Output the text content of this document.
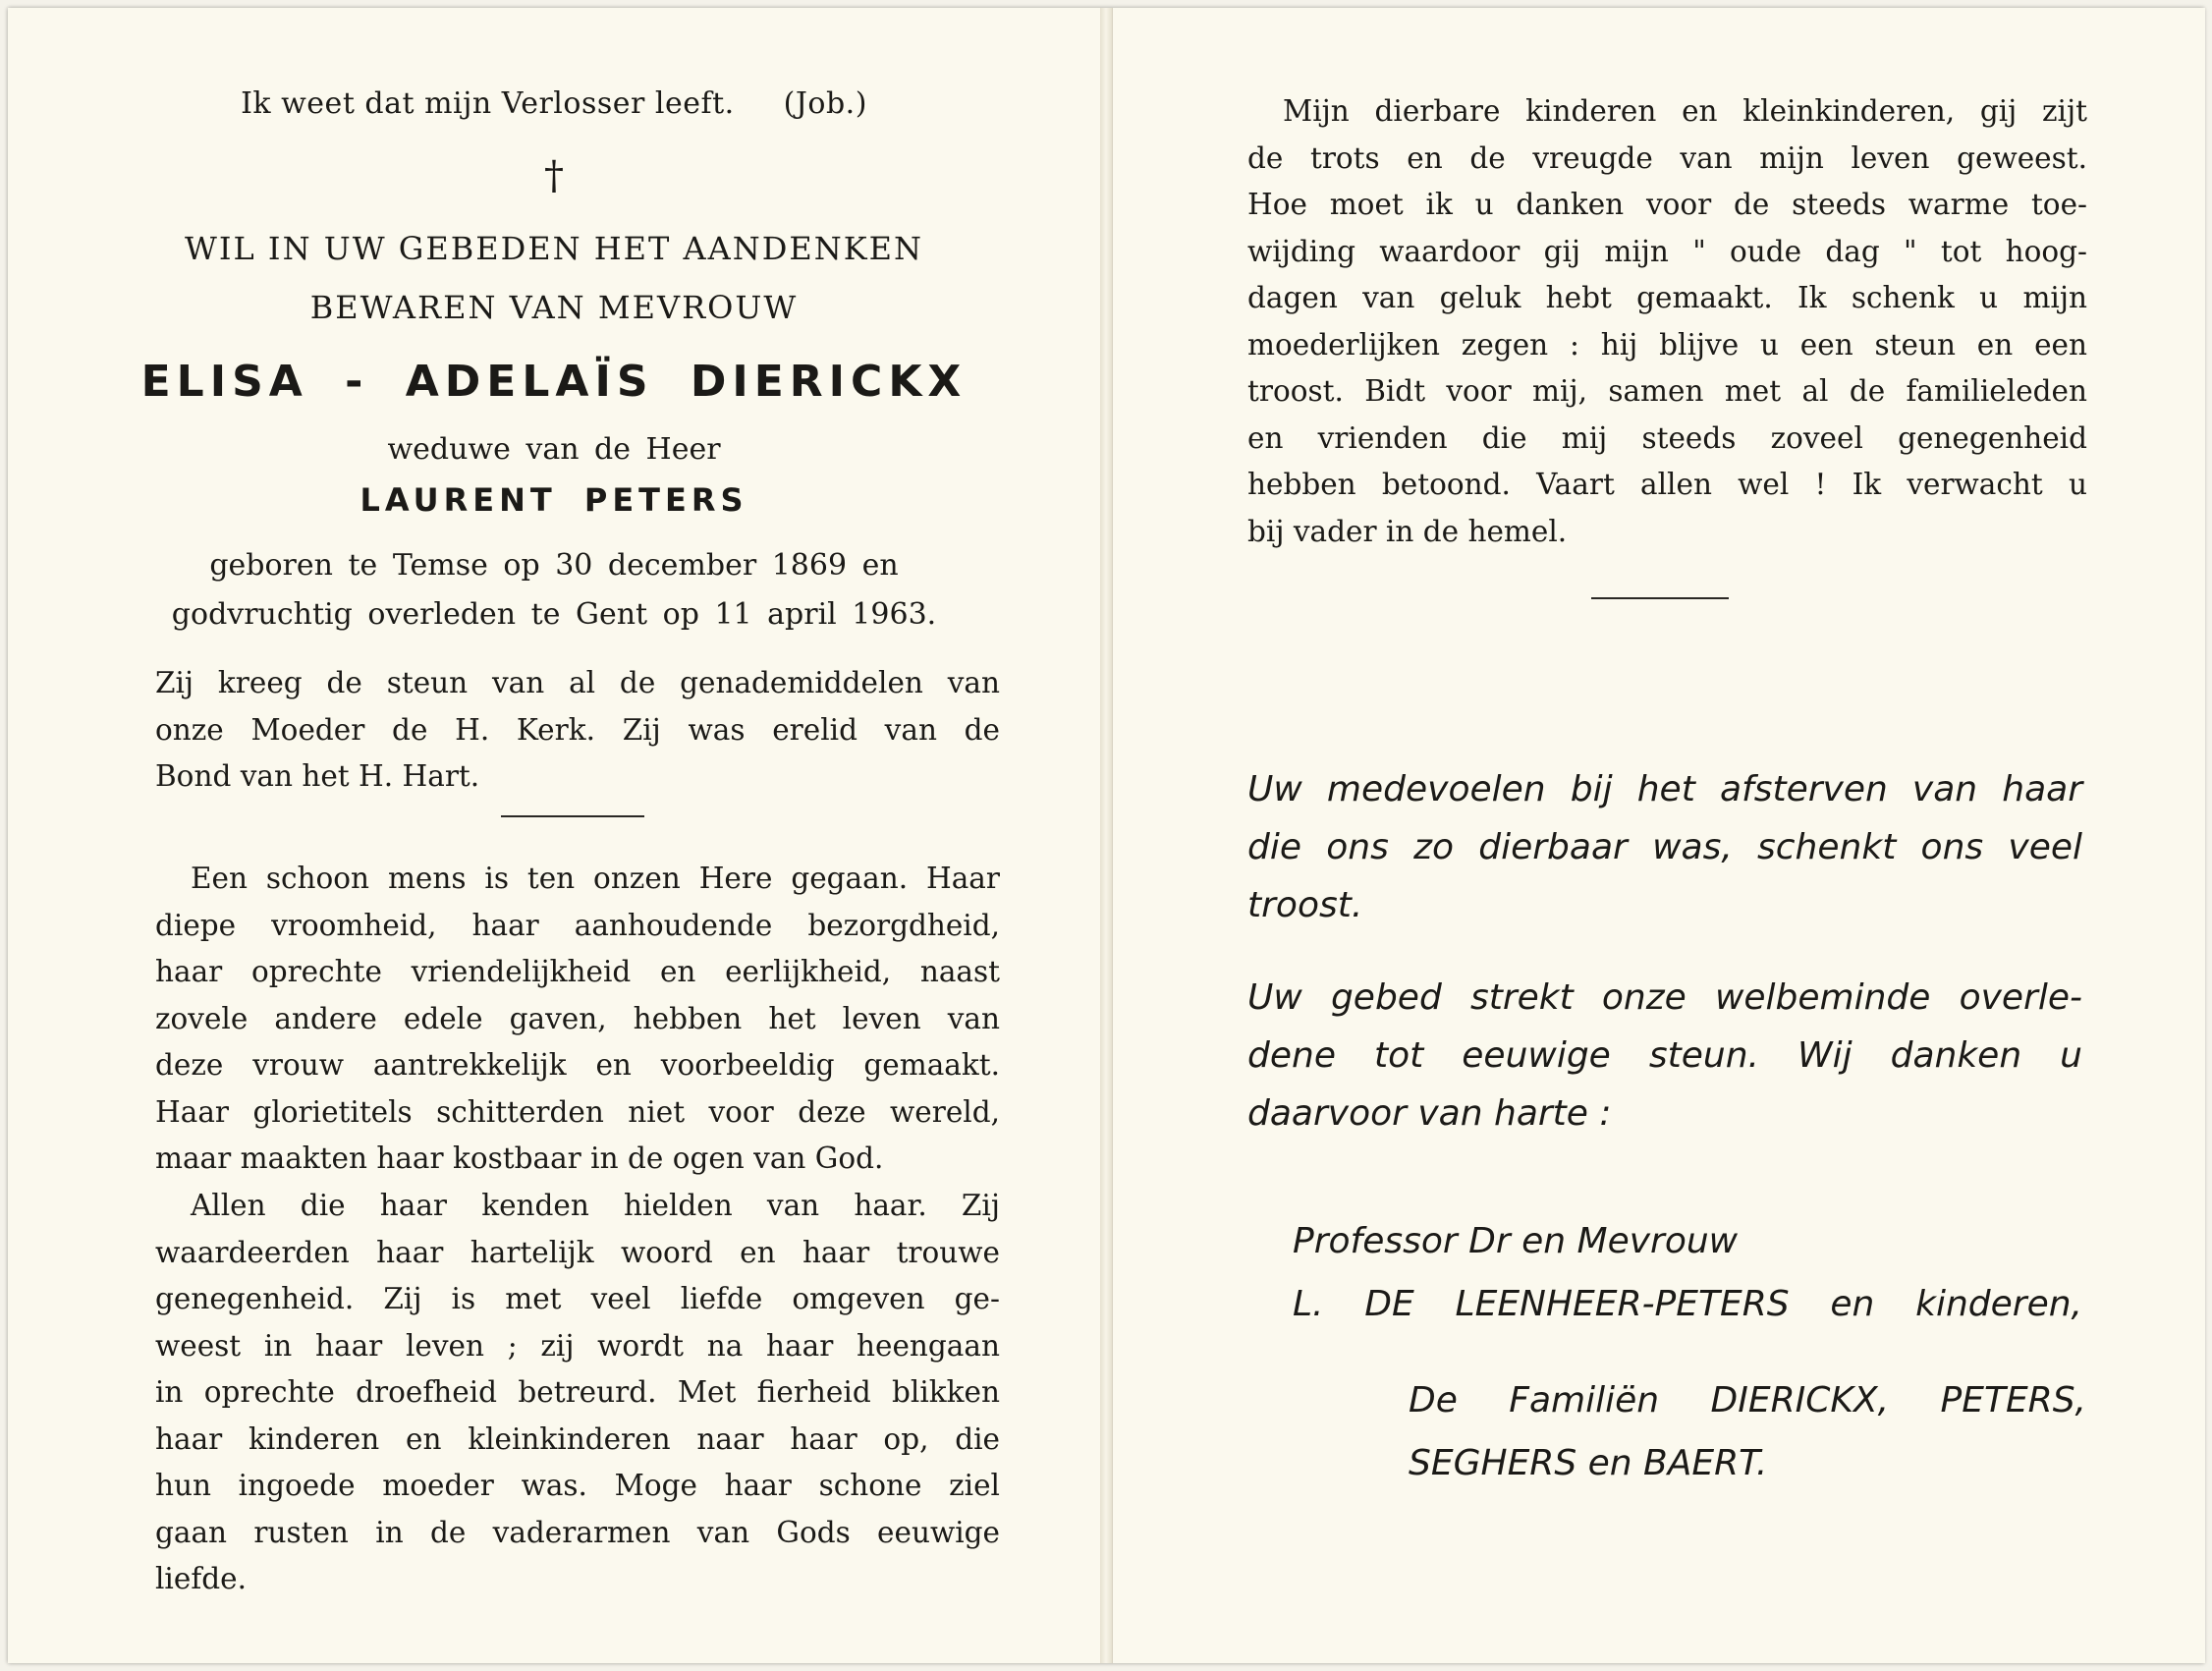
Ik weet dat mijn Verlosser leeft. (Job.)
†
WIL IN UW GEBEDEN HET AANDENKEN
BEWAREN VAN MEVROUW
ELISA - ADELAÏS DIERICKX
weduwe van de Heer
LAURENT PETERS
geboren te Temse op 30 december 1869 en
godvruchtig overleden te Gent op 11 april 1963.
Zij kreeg de steun van al de genademiddelen van
onze Moeder de H. Kerk. Zij was erelid van de
Bond van het H. Hart.
Een schoon mens is ten onzen Here gegaan. Haar
diepe vroomheid, haar aanhoudende bezorgdheid,
haar oprechte vriendelijkheid en eerlijkheid, naast
zovele andere edele gaven, hebben het leven van
deze vrouw aantrekkelijk en voorbeeldig gemaakt.
Haar glorietitels schitterden niet voor deze wereld,
maar maakten haar kostbaar in de ogen van God.
Allen die haar kenden hielden van haar. Zij
waardeerden haar hartelijk woord en haar trouwe
genegenheid. Zij is met veel liefde omgeven ge-
weest in haar leven ; zij wordt na haar heengaan
in oprechte droefheid betreurd. Met fierheid blikken
haar kinderen en kleinkinderen naar haar op, die
hun ingoede moeder was. Moge haar schone ziel
gaan rusten in de vaderarmen van Gods eeuwige
liefde.
Mijn dierbare kinderen en kleinkinderen, gij zijt
de trots en de vreugde van mijn leven geweest.
Hoe moet ik u danken voor de steeds warme toe-
wijding waardoor gij mijn " oude dag " tot hoog-
dagen van geluk hebt gemaakt. Ik schenk u mijn
moederlijken zegen : hij blijve u een steun en een
troost. Bidt voor mij, samen met al de familieleden
en vrienden die mij steeds zoveel genegenheid
hebben betoond. Vaart allen wel ! Ik verwacht u
bij vader in de hemel.
Uw medevoelen bij het afsterven van haar
die ons zo dierbaar was, schenkt ons veel
troost.
Uw gebed strekt onze welbeminde overle-
dene tot eeuwige steun. Wij danken u
daarvoor van harte :
Professor Dr en Mevrouw
L. DE LEENHEER-PETERS en kinderen,
De Familiën DIERICKX, PETERS,
SEGHERS en BAERT.
